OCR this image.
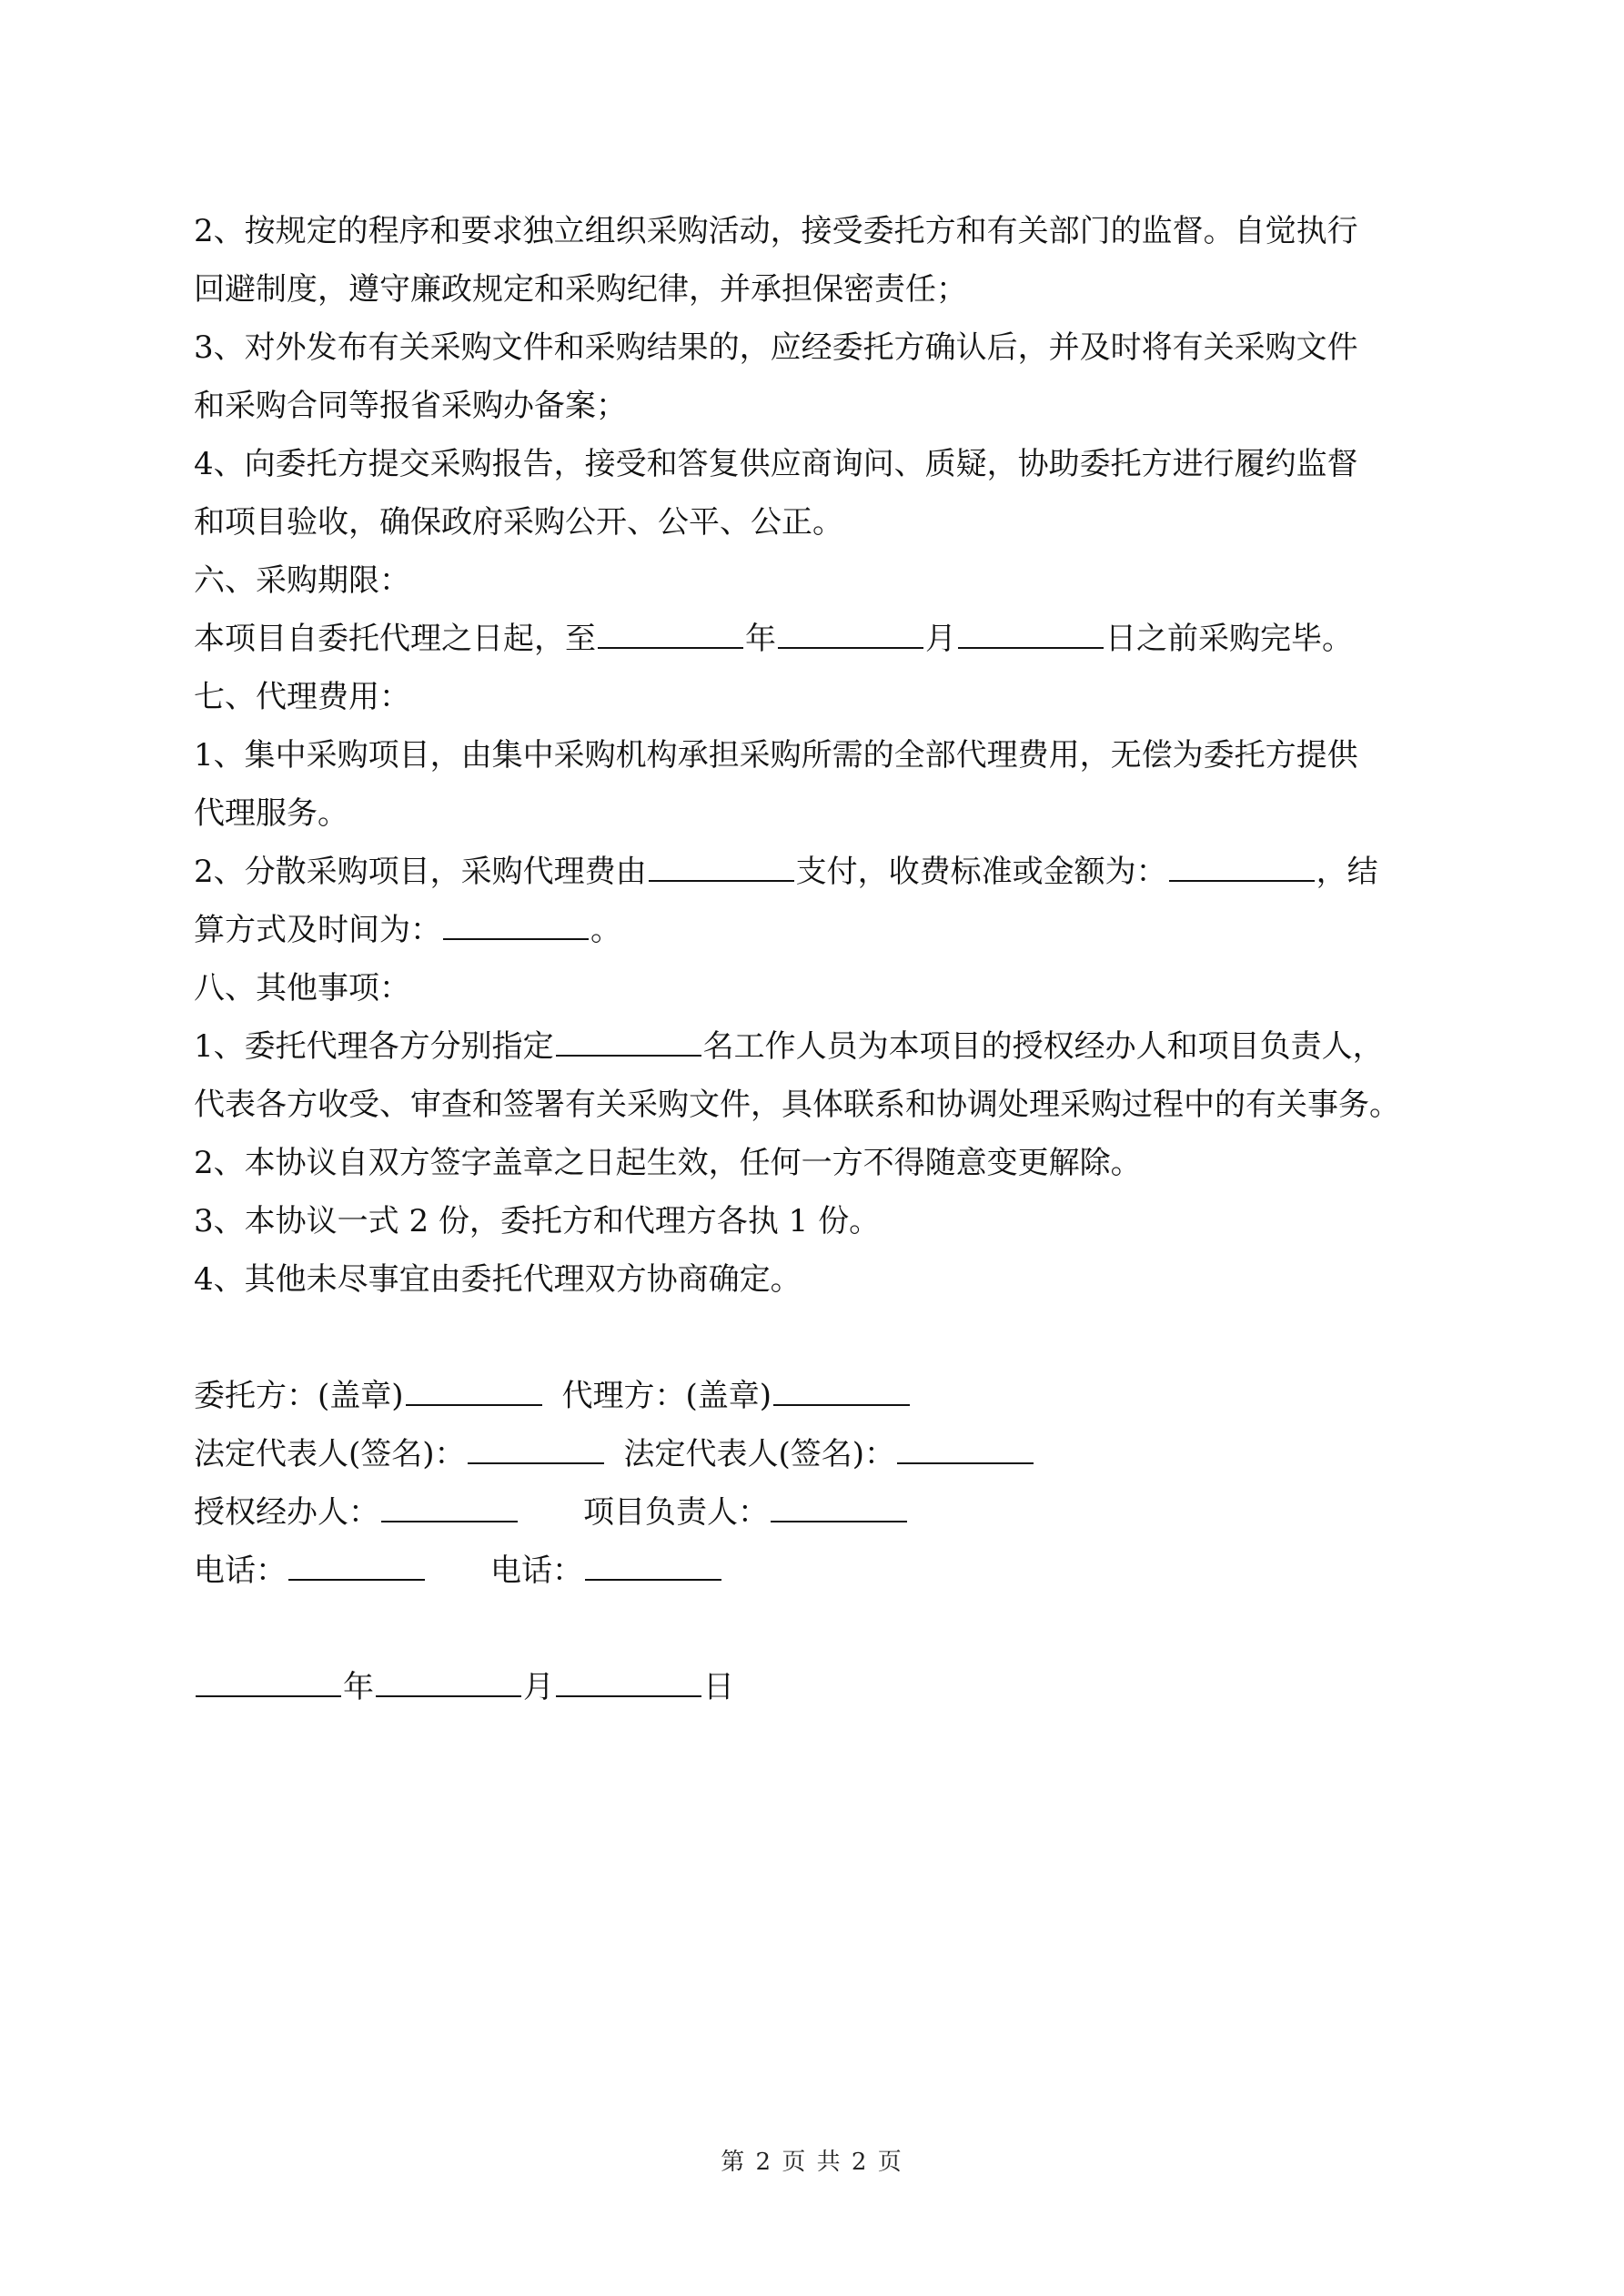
2、按规定的程序和要求独立组织采购活动，接受委托方和有关部门的监督。自觉执行
回避制度，遵守廉政规定和采购纪律，并承担保密责任；
3、对外发布有关采购文件和采购结果的，应经委托方确认后，并及时将有关采购文件
和采购合同等报省采购办备案；
4、向委托方提交采购报告，接受和答复供应商询问、质疑，协助委托方进行履约监督
和项目验收，确保政府采购公开、公平、公正。
六、采购期限：
本项目自委托代理之日起，至	年	月	日之前采购完毕。
七、代理费用：
1、集中采购项目，由集中采购机构承担采购所需的全部代理费用，无偿为委托方提供
代理服务。
2、分散采购项目，采购代理费由	支付，收费标准或金额为：	，结
算方式及时间为：	。
八、其他事项：
1、委托代理各方分别指定	名工作人员为本项目的授权经办人和项目负责人，
代表各方收受、审查和签署有关采购文件，具体联系和协调处理采购过程中的有关事务。
2、本协议自双方签字盖章之日起生效，任何一方不得随意变更解除。
3、本协议一式 2 份，委托方和代理方各执 1 份。
4、其他未尽事宜由委托代理双方协商确定。
委托方：(盖章)	代理方：(盖章)
法定代表人(签名)：	法定代表人(签名)：
授权经办人：	项目负责人：
电话：	电话：
年	月	日
第 2 页 共 2 页
